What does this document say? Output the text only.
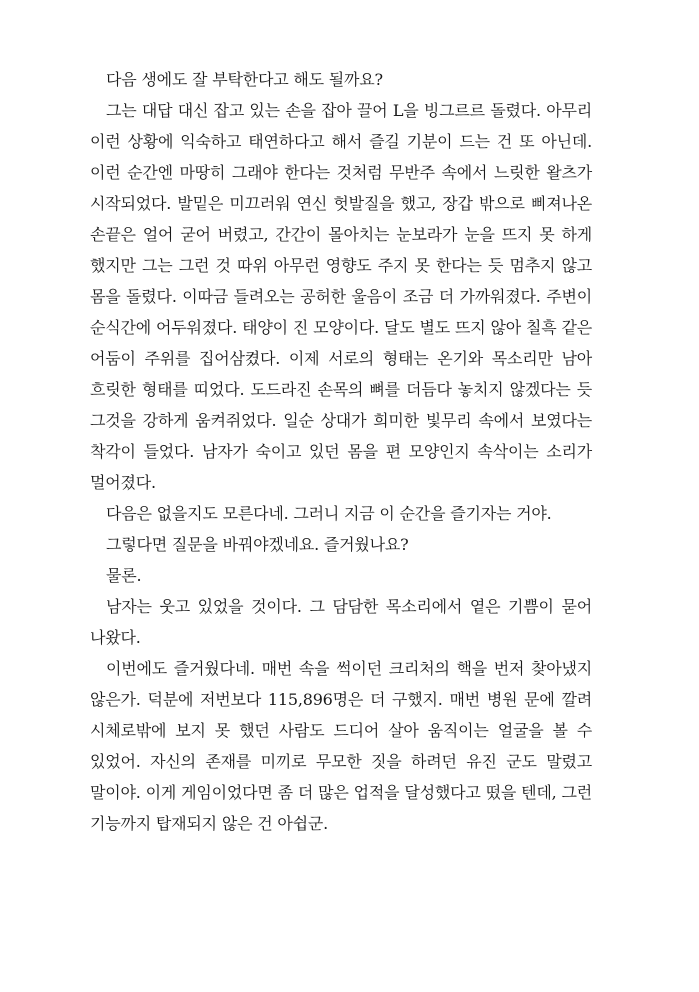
다음 생에도 잘 부탁한다고 해도 될까요?

그는 대답 대신 잡고 있는 손을 잡아 끌어 L을 빙그르르 돌렸다. 아무리 이런 상황에 익숙하고 태연하다고 해서 즐길 기분이 드는 건 또 아닌데. 이런 순간엔 마땅히 그래야 한다는 것처럼 무반주 속에서 느릿한 왈츠가 시작되었다. 발밑은 미끄러워 연신 헛발질을 했고, 장갑 밖으로 삐져나온 손끝은 얼어 굳어 버렸고, 간간이 몰아치는 눈보라가 눈을 뜨지 못 하게 했지만 그는 그런 것 따위 아무런 영향도 주지 못 한다는 듯 멈추지 않고 몸을 돌렸다. 이따금 들려오는 공허한 울음이 조금 더 가까워졌다. 주변이 순식간에 어두워졌다. 태양이 진 모양이다. 달도 별도 뜨지 않아 칠흑 같은 어둠이 주위를 집어삼켰다. 이제 서로의 형태는 온기와 목소리만 남아 흐릿한 형태를 띠었다. 도드라진 손목의 뼈를 더듬다 놓치지 않겠다는 듯 그것을 강하게 움켜쥐었다. 일순 상대가 희미한 빛무리 속에서 보였다는 착각이 들었다. 남자가 숙이고 있던 몸을 편 모양인지 속삭이는 소리가 멀어졌다.

다음은 없을지도 모른다네. 그러니 지금 이 순간을 즐기자는 거야.

그렇다면 질문을 바꿔야겠네요. 즐거웠나요?

물론.

남자는 웃고 있었을 것이다. 그 담담한 목소리에서 옅은 기쁨이 묻어 나왔다.

이번에도 즐거웠다네. 매번 속을 썩이던 크리처의 핵을 번저 찾아냈지 않은가. 덕분에 저번보다 115,896명은 더 구했지. 매번 병원 문에 깔려 시체로밖에 보지 못 했던 사람도 드디어 살아 움직이는 얼굴을 볼 수 있었어. 자신의 존재를 미끼로 무모한 짓을 하려던 유진 군도 말렸고 말이야. 이게 게임이었다면 좀 더 많은 업적을 달성했다고 떴을 텐데, 그런 기능까지 탑재되지 않은 건 아쉽군.
